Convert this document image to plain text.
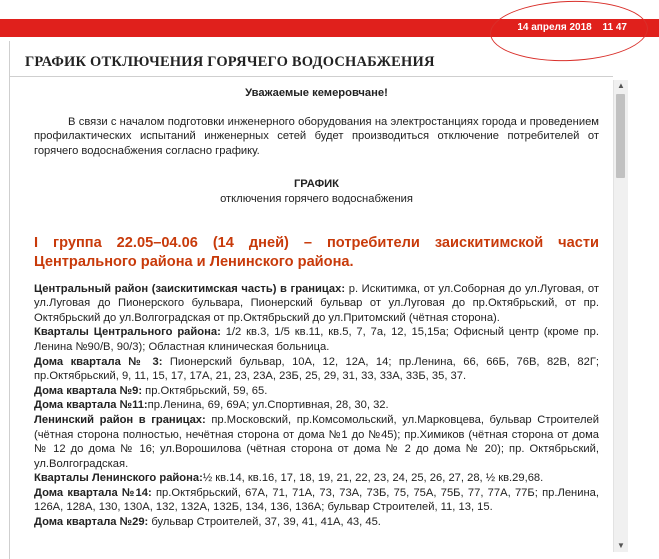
14 апреля 2018 11 47
ГРАФИК ОТКЛЮЧЕНИЯ ГОРЯЧЕГО ВОДОСНАБЖЕНИЯ
▲
▼

Уважаемые кемеровчане!

В связи с началом подготовки инженерного оборудования на электростанциях города и проведением профилактических испытаний инженерных сетей будет производиться отключение потребителей от горячего водоснабжения согласно графику.

ГРАФИК

отключения горячего водоснабжения

I группа 22.05–04.06 (14 дней) – потребители заискитимской части Центрального района и Ленинского района.

Центральный район (заискитимская часть) в границах: р. Искитимка, от ул.Соборная до ул.Луговая, от ул.Луговая до Пионерского бульвара, Пионерский бульвар от ул.Луговая до пр.Октябрьский, от пр. Октябрьский до ул.Волгоградская от пр.Октябрьский до ул.Притомский (чётная сторона).

Кварталы Центрального района: 1/2 кв.3, 1/5 кв.11, кв.5, 7, 7а, 12, 15,15а; Офисный центр (кроме пр. Ленина №90/В, 90/3); Областная клиническая больница.

Дома квартала № 3: Пионерский бульвар, 10А, 12, 12А, 14; пр.Ленина, 66, 66Б, 76В, 82В, 82Г; пр.Октябрьский, 9, 11, 15, 17, 17А, 21, 23, 23А, 23Б, 25, 29, 31, 33, 33А, 33Б, 35, 37.

Дома квартала №9: пр.Октябрьский, 59, 65.

Дома квартала №11:пр.Ленина, 69, 69А; ул.Спортивная, 28, 30, 32.

Ленинский район в границах: пр.Московский, пр.Комсомольский, ул.Марковцева, бульвар Строителей (чётная сторона полностью, нечётная сторона от дома №1 до №45); пр.Химиков (чётная сторона от дома № 12 до дома № 16; ул.Ворошилова (чётная сторона от дома № 2 до дома № 20); пр. Октябрьский, ул.Волгоградская.

Кварталы Ленинского района:½ кв.14, кв.16, 17, 18, 19, 21, 22, 23, 24, 25, 26, 27, 28, ½ кв.29,68.

Дома квартала №14: пр.Октябрьский, 67А, 71, 71А, 73, 73А, 73Б, 75, 75А, 75Б, 77, 77А, 77Б; пр.Ленина, 126А, 128А, 130, 130А, 132, 132А, 132Б, 134, 136, 136А; бульвар Строителей, 11, 13, 15.

Дома квартала №29: бульвар Строителей, 37, 39, 41, 41А, 43, 45.
